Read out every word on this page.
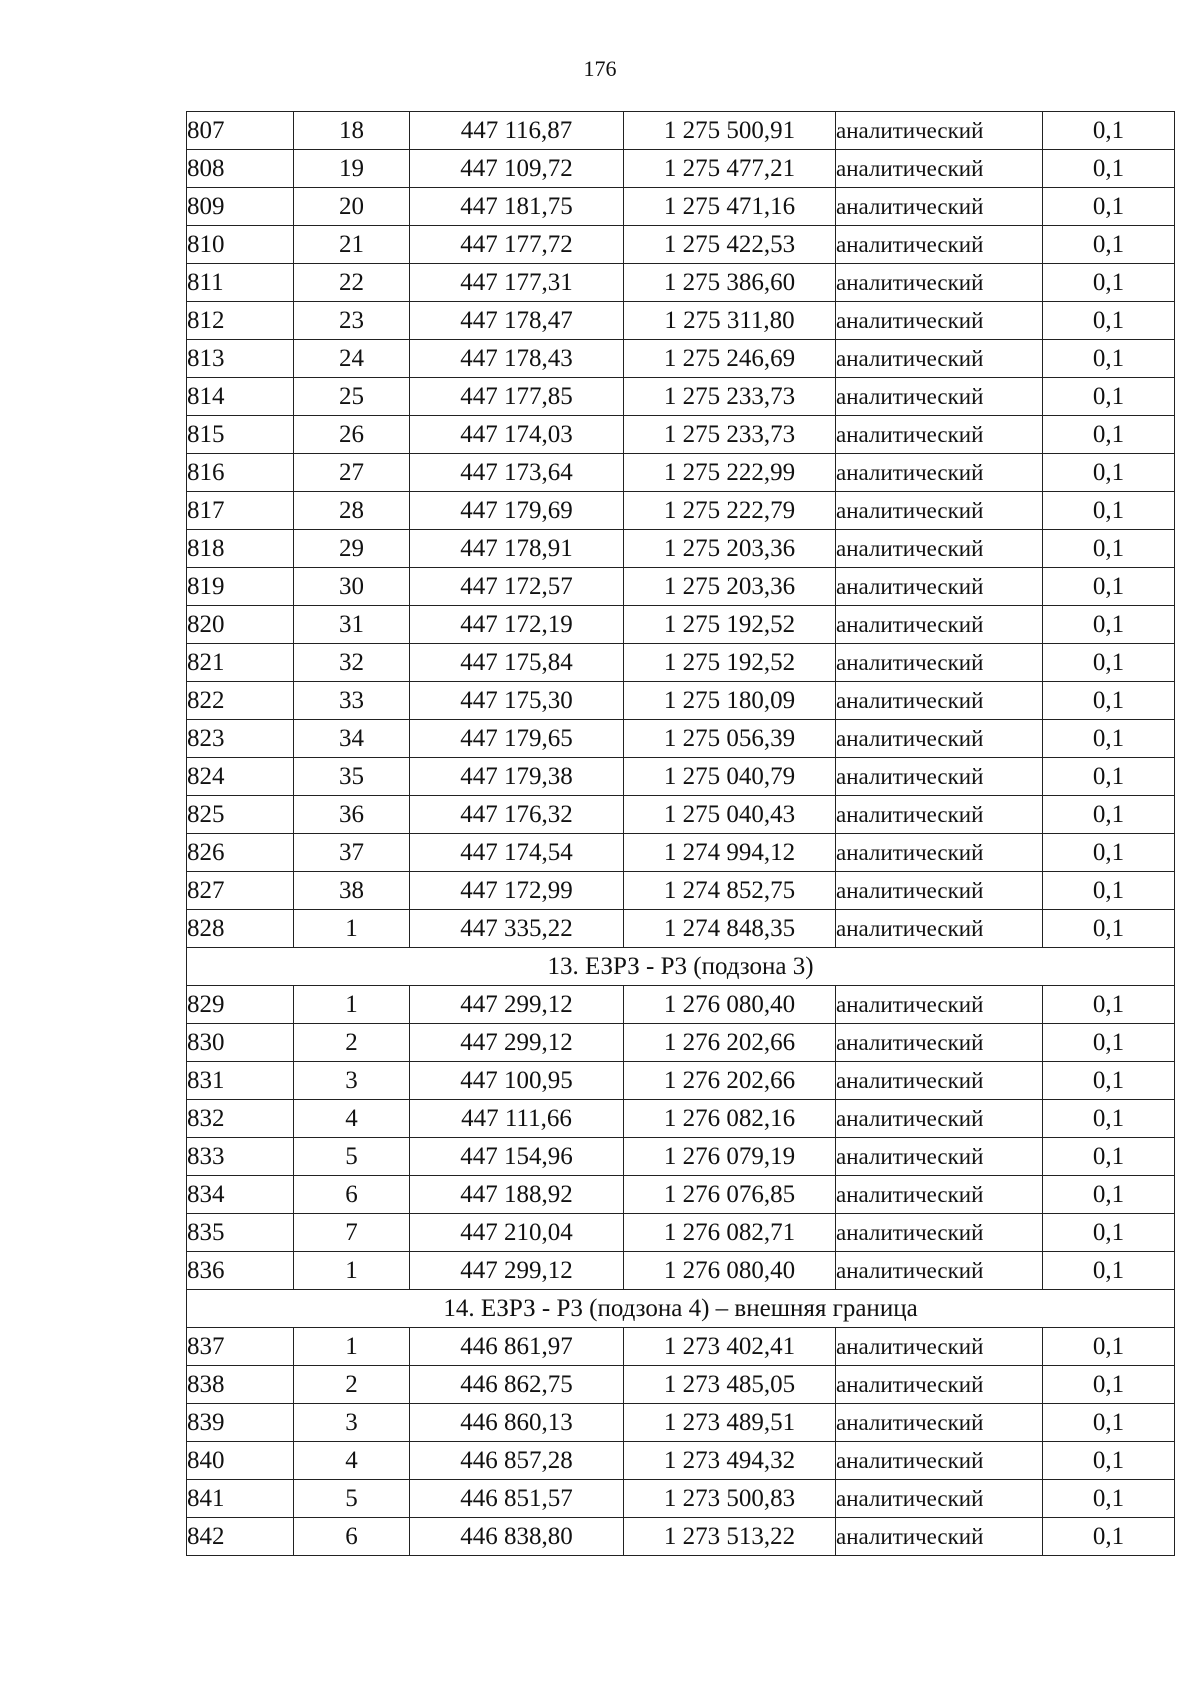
176
807	18	447 116,87	1 275 500,91	аналитический	0,1
808	19	447 109,72	1 275 477,21	аналитический	0,1
809	20	447 181,75	1 275 471,16	аналитический	0,1
810	21	447 177,72	1 275 422,53	аналитический	0,1
811	22	447 177,31	1 275 386,60	аналитический	0,1
812	23	447 178,47	1 275 311,80	аналитический	0,1
813	24	447 178,43	1 275 246,69	аналитический	0,1
814	25	447 177,85	1 275 233,73	аналитический	0,1
815	26	447 174,03	1 275 233,73	аналитический	0,1
816	27	447 173,64	1 275 222,99	аналитический	0,1
817	28	447 179,69	1 275 222,79	аналитический	0,1
818	29	447 178,91	1 275 203,36	аналитический	0,1
819	30	447 172,57	1 275 203,36	аналитический	0,1
820	31	447 172,19	1 275 192,52	аналитический	0,1
821	32	447 175,84	1 275 192,52	аналитический	0,1
822	33	447 175,30	1 275 180,09	аналитический	0,1
823	34	447 179,65	1 275 056,39	аналитический	0,1
824	35	447 179,38	1 275 040,79	аналитический	0,1
825	36	447 176,32	1 275 040,43	аналитический	0,1
826	37	447 174,54	1 274 994,12	аналитический	0,1
827	38	447 172,99	1 274 852,75	аналитический	0,1
828	1	447 335,22	1 274 848,35	аналитический	0,1
13. ЕЗРЗ - Р3 (подзона 3)					
829	1	447 299,12	1 276 080,40	аналитический	0,1
830	2	447 299,12	1 276 202,66	аналитический	0,1
831	3	447 100,95	1 276 202,66	аналитический	0,1
832	4	447 111,66	1 276 082,16	аналитический	0,1
833	5	447 154,96	1 276 079,19	аналитический	0,1
834	6	447 188,92	1 276 076,85	аналитический	0,1
835	7	447 210,04	1 276 082,71	аналитический	0,1
836	1	447 299,12	1 276 080,40	аналитический	0,1
14. ЕЗРЗ - Р3 (подзона 4) – внешняя граница					
837	1	446 861,97	1 273 402,41	аналитический	0,1
838	2	446 862,75	1 273 485,05	аналитический	0,1
839	3	446 860,13	1 273 489,51	аналитический	0,1
840	4	446 857,28	1 273 494,32	аналитический	0,1
841	5	446 851,57	1 273 500,83	аналитический	0,1
842	6	446 838,80	1 273 513,22	аналитический	0,1
